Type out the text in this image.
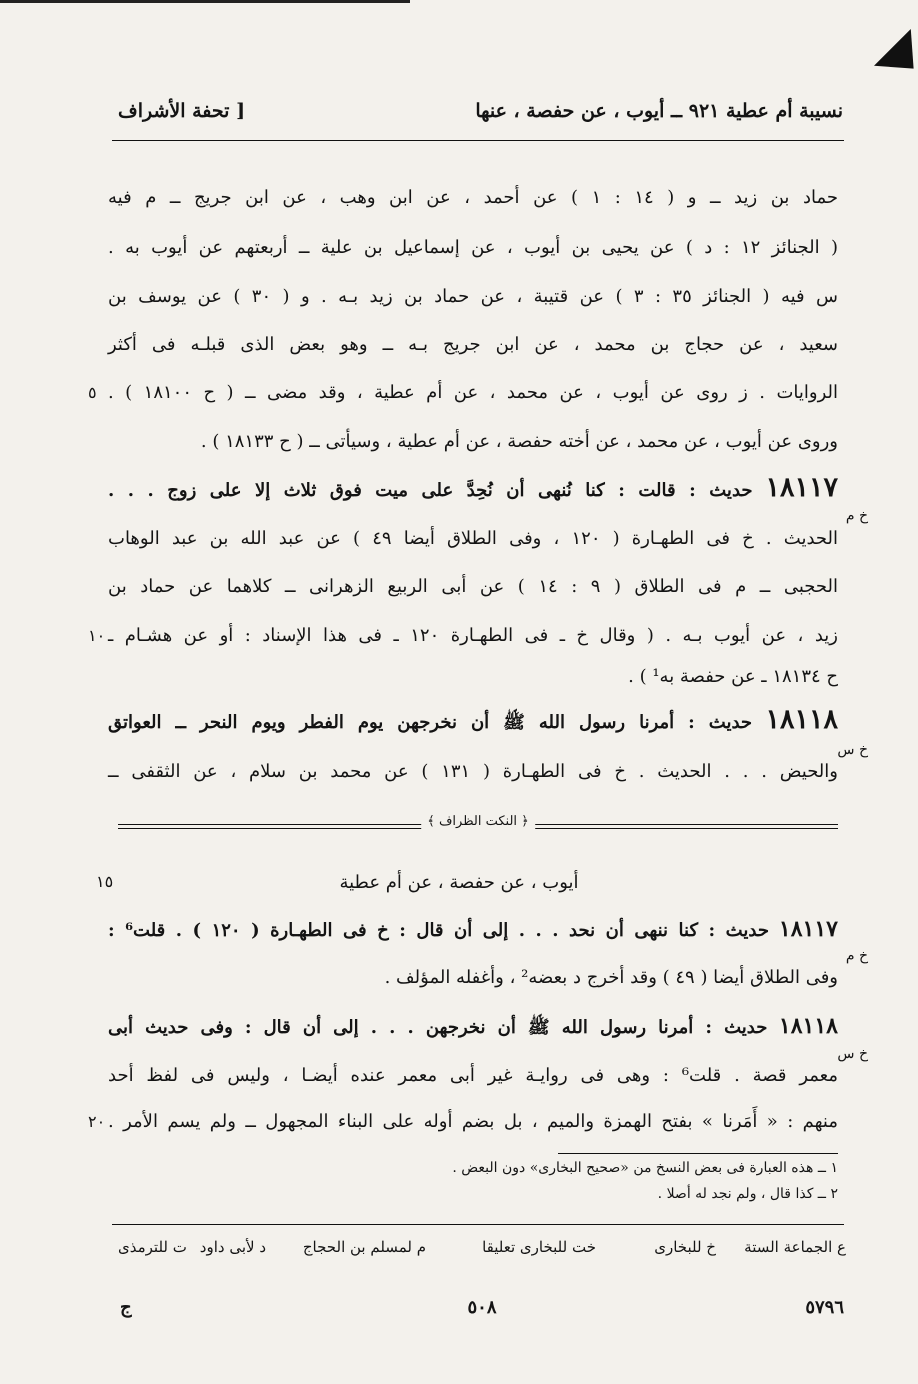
نسيبة أم عطية ٩٢١ ــ أيوب ، عن حفصة ، عنها
[ تحفة الأشراف
حماد بن زيد ــ و ( ١٤ : ١ ) عن أحمد ، عن ابن وهب ، عن ابن جريج ــ م فيه
( الجنائز ١٢ : د ) عن يحيى بن أيوب ، عن إسماعيل بن علية ــ أربعتهم عن أيوب به .
س فيه ( الجنائز ٣٥ : ٣ ) عن قتيبة ، عن حماد بن زيد بـه . و ( ٣٠ ) عن يوسف بن
سعيد ، عن حجاج بن محمد ، عن ابن جريج بـه ــ وهو بعض الذى قبلـه فى أكثر
الروايات . ز روى عن أيوب ، عن محمد ، عن أم عطية ، وقد مضى ــ ( ح ١٨١٠٠ ) .
٥
وروى عن أيوب ، عن محمد ، عن أخته حفصة ، عن أم عطية ، وسيأتى ــ ( ح ١٨١٣٣ ) .
١٨١١٧ حديث : قالت : كنا نُنهى أن نُحِدَّ على ميت فوق ثلاث إلا على زوج . . .
خ م
الحديث . خ فى الطهـارة ( ١٢٠ ، وفى الطلاق أيضا ٤٩ ) عن عبد الله بن عبد الوهاب
الحجبى ــ م فى الطلاق ( ٩ : ١٤ ) عن أبى الربيع الزهرانى ــ كلاهما عن حماد بن
زيد ، عن أيوب بـه . ( وقال خ ـ فى الطهـارة ١٢٠ ـ فى هذا الإسناد : أو عن هشـام ـ
١٠
ح ١٨١٣٤ ـ عن حفصة به¹ ) .
١٨١١٨ حديث : أمرنا رسول الله ﷺ أن نخرجهن يوم الفطر ويوم النحر ــ العواتق
خ س
والحيض . . . الحديث . خ فى الطهـارة ( ١٣١ ) عن محمد بن سلام ، عن الثقفى ــ
﴿ النكت الظراف ﴾
أيوب ، عن حفصة ، عن أم عطية
١٥
١٨١١٧ حديث : كنا ننهى أن نحد . . . إلى أن قال : خ فى الطهـارة ( ١٢٠ ) . قلت⁶ :
خ م
وفى الطلاق أيضا ( ٤٩ ) وقد أخرج د بعضه² ، وأغفله المؤلف .
١٨١١٨ حديث : أمرنا رسول الله ﷺ أن نخرجهن . . . إلى أن قال : وفى حديث أبى
خ س
معمر قصة . قلت⁶ : وهى فى روايـة غير أبى معمر عنده أيضـا ، وليس فى لفظ أحد
منهم : « أَمَرنا » بفتح الهمزة والميم ، بل بضم أوله على البناء المجهول ــ ولم يسم الأمر .
٢٠
١ ــ هذه العبارة فى بعض النسخ من «صحيح البخارى» دون البعض .
٢ ــ كذا قال ، ولم نجد له أصلا .
ع الجماعة الستة
خ للبخارى
خت للبخارى تعليقا
م لمسلم بن الحجاج
د لأبى داود
ت للترمذى
٥٧٩٦
٥٠٨
ج
